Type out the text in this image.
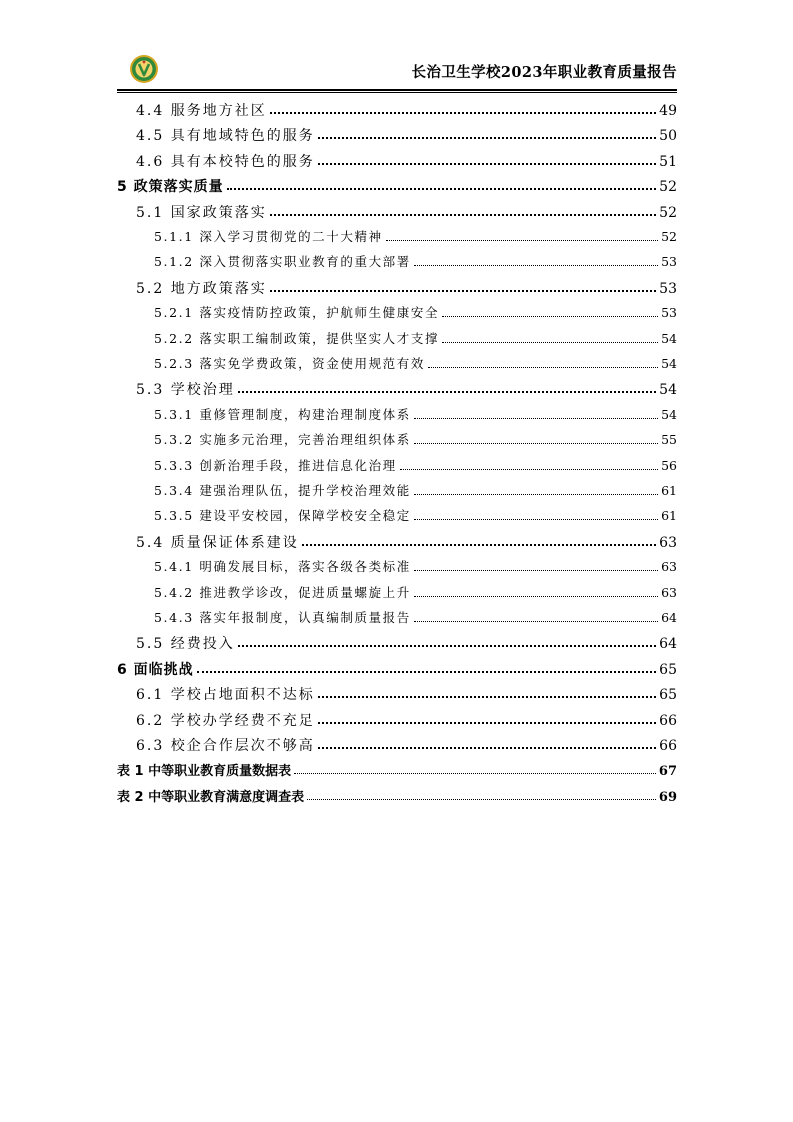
长治卫生学校2023年职业教育质量报告
4.4 服务地方社区	49
4.5 具有地域特色的服务	50
4.6 具有本校特色的服务	51
5 政策落实质量	52
5.1 国家政策落实	52
5.1.1 深入学习贯彻党的二十大精神	52
5.1.2 深入贯彻落实职业教育的重大部署	53
5.2 地方政策落实	53
5.2.1 落实疫情防控政策，护航师生健康安全	53
5.2.2 落实职工编制政策，提供坚实人才支撑	54
5.2.3 落实免学费政策，资金使用规范有效	54
5.3 学校治理	54
5.3.1 重修管理制度，构建治理制度体系	54
5.3.2 实施多元治理，完善治理组织体系	55
5.3.3 创新治理手段，推进信息化治理	56
5.3.4 建强治理队伍，提升学校治理效能	61
5.3.5 建设平安校园，保障学校安全稳定	61
5.4 质量保证体系建设	63
5.4.1 明确发展目标，落实各级各类标准	63
5.4.2 推进教学诊改，促进质量螺旋上升	63
5.4.3 落实年报制度，认真编制质量报告	64
5.5 经费投入	64
6 面临挑战	65
6.1 学校占地面积不达标	65
6.2 学校办学经费不充足	66
6.3 校企合作层次不够高	66
表 1 中等职业教育质量数据表	67
表 2 中等职业教育满意度调查表	69
